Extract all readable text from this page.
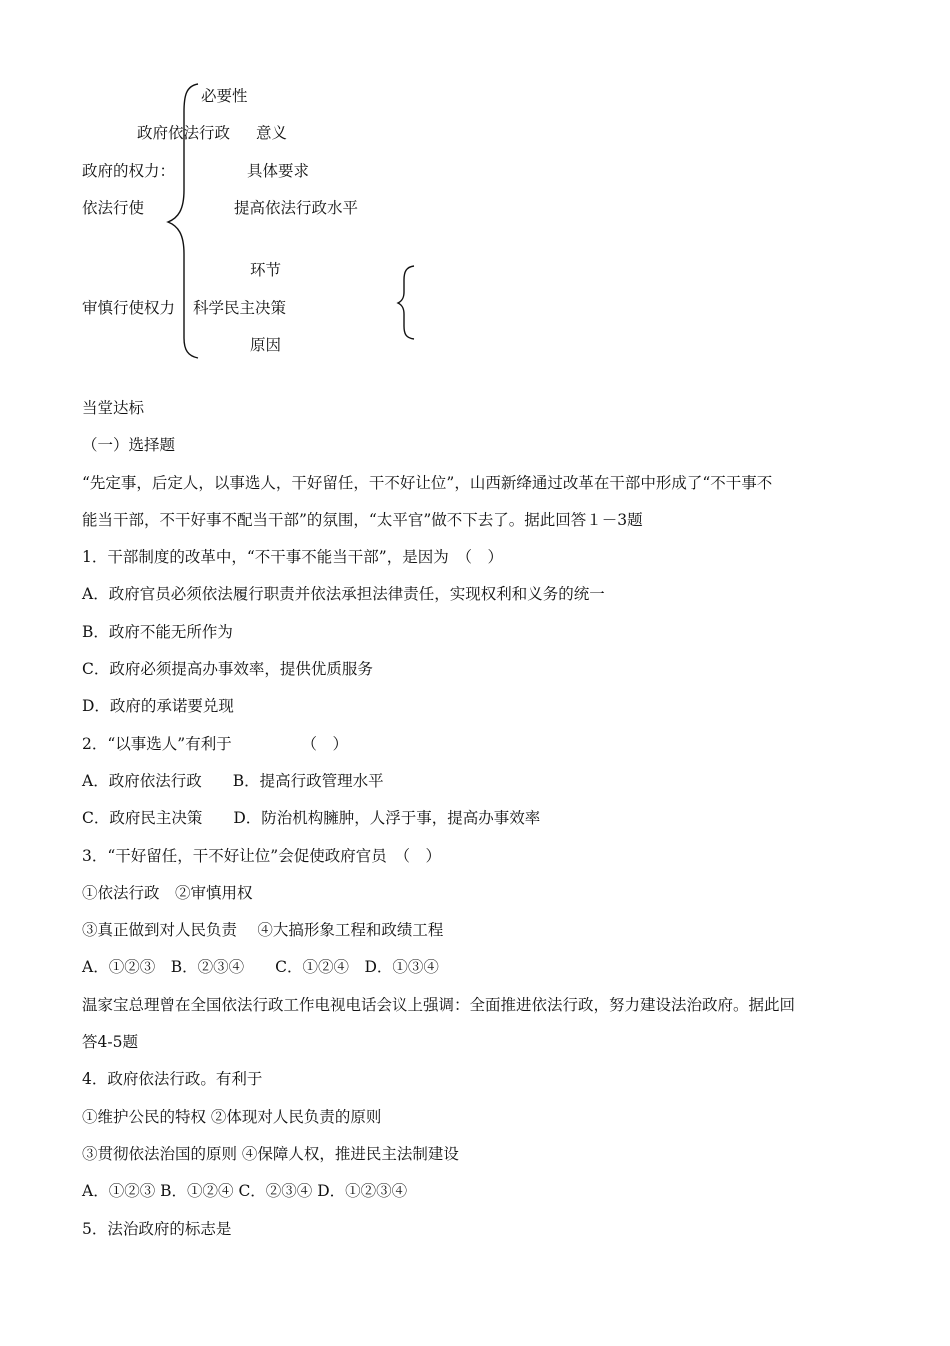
必要性
政府依法行政 意义
政府的权力：	具体要求
依法行使	提高依法行政水平
环节
审慎行使权力 科学民主决策
原因
当堂达标
（一）选择题
“先定事，后定人，以事选人，干好留任，干不好让位”，山西新绛通过改革在干部中形成了“不干事不
能当干部，不干好事不配当干部”的氛围，“太平官”做不下去了。据此回答１－3题
1．干部制度的改革中，“不干事不能当干部”，是因为　（　）
A．政府官员必须依法履行职责并依法承担法律责任，实现权利和义务的统一
B．政府不能无所作为
C．政府必须提高办事效率，提供优质服务
D．政府的承诺要兑现
2．“以事选人”有利于　　　　　（　）
A．政府依法行政　　B．提高行政管理水平
C．政府民主决策　　D．防治机构臃肿，人浮于事，提高办事效率
3．“干好留任，干不好让位”会促使政府官员　（　）
①依法行政　②审慎用权
③真正做到对人民负责　 ④大搞形象工程和政绩工程
A．①②③　B．②③④　　C．①②④　D．①③④
温家宝总理曾在全国依法行政工作电视电话会议上强调：全面推进依法行政，努力建设法治政府。据此回
答4-5题
4．政府依法行政。有利于
①维护公民的特权 ②体现对人民负责的原则
③贯彻依法治国的原则 ④保障人权，推进民主法制建设
A．①②③ B．①②④ C．②③④ D．①②③④
5．法治政府的标志是
